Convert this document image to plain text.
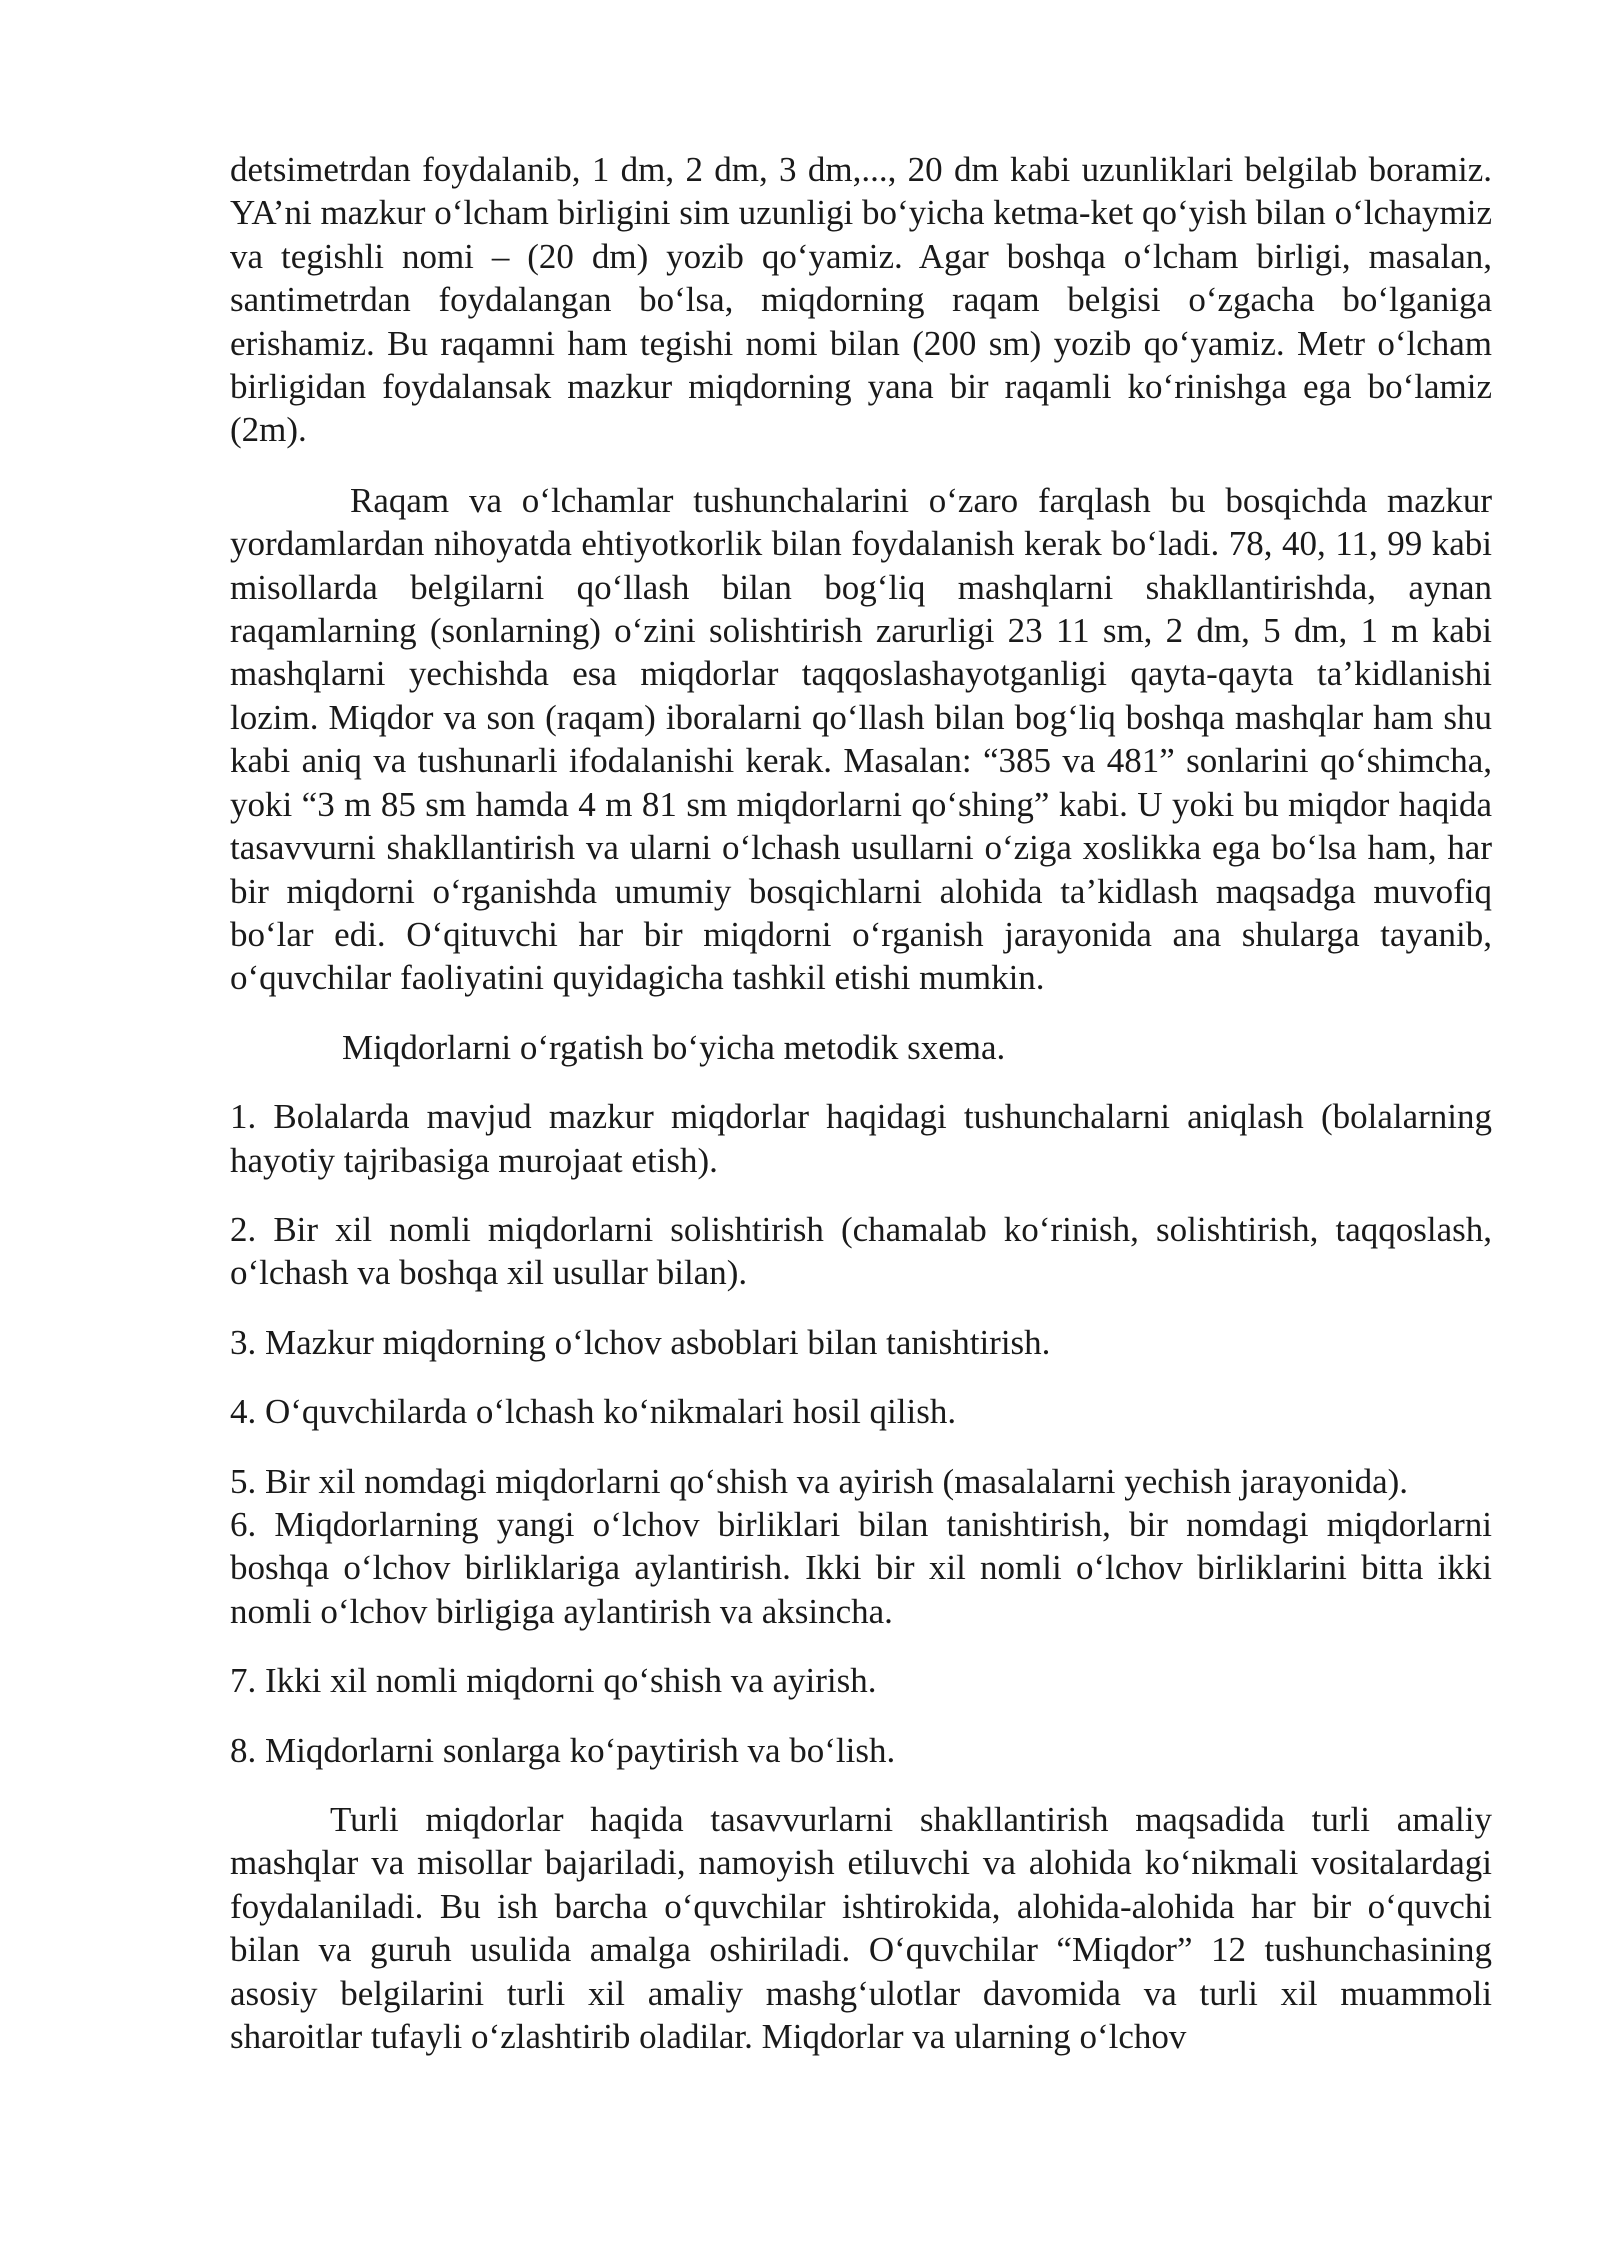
detsimetrdan foydalanib, 1 dm, 2 dm, 3 dm,..., 20 dm kabi uzunliklari belgilab boramiz. YA’ni mazkur o‘lcham birligini sim uzunligi bo‘yicha ketma-ket qo‘yish bilan o‘lchaymiz va tegishli nomi – (20 dm) yozib qo‘yamiz. Agar boshqa o‘lcham birligi, masalan, santimetrdan foydalangan bo‘lsa, miqdorning raqam belgisi o‘zgacha bo‘lganiga erishamiz. Bu raqamni ham tegishi nomi bilan (200 sm) yozib qo‘yamiz. Metr o‘lcham birligidan foydalansak mazkur miqdorning yana bir raqamli ko‘rinishga ega bo‘lamiz (2m).

Raqam va o‘lchamlar tushunchalarini o‘zaro farqlash bu bosqichda mazkur yordamlardan nihoyatda ehtiyotkorlik bilan foydalanish kerak bo‘ladi. 78, 40, 11, 99 kabi misollarda belgilarni qo‘llash bilan bog‘liq mashqlarni shakllantirishda, aynan raqamlarning (sonlarning) o‘zini solishtirish zarurligi 23 11 sm, 2 dm, 5 dm, 1 m kabi mashqlarni yechishda esa miqdorlar taqqoslashayotganligi qayta-qayta ta’kidlanishi lozim. Miqdor va son (raqam) iboralarni qo‘llash bilan bog‘liq boshqa mashqlar ham shu kabi aniq va tushunarli ifodalanishi kerak. Masalan: “385 va 481” sonlarini qo‘shimcha, yoki “3 m 85 sm hamda 4 m 81 sm miqdorlarni qo‘shing” kabi. U yoki bu miqdor haqida tasavvurni shakllantirish va ularni o‘lchash usullarni o‘ziga xoslikka ega bo‘lsa ham, har bir miqdorni o‘rganishda umumiy bosqichlarni alohida ta’kidlash maqsadga muvofiq bo‘lar edi. O‘qituvchi har bir miqdorni o‘rganish jarayonida ana shularga tayanib, o‘quvchilar faoliyatini quyidagicha tashkil etishi mumkin.

Miqdorlarni o‘rgatish bo‘yicha metodik sxema.

1. Bolalarda mavjud mazkur miqdorlar haqidagi tushunchalarni aniqlash (bolalarning hayotiy tajribasiga murojaat etish).

2. Bir xil nomli miqdorlarni solishtirish (chamalab ko‘rinish, solishtirish, taqqoslash, o‘lchash va boshqa xil usullar bilan).

3. Mazkur miqdorning o‘lchov asboblari bilan tanishtirish.

4. O‘quvchilarda o‘lchash ko‘nikmalari hosil qilish.

5. Bir xil nomdagi miqdorlarni qo‘shish va ayirish (masalalarni yechish jarayonida).

6. Miqdorlarning yangi o‘lchov birliklari bilan tanishtirish, bir nomdagi miqdorlarni boshqa o‘lchov birliklariga aylantirish. Ikki bir xil nomli o‘lchov birliklarini bitta ikki nomli o‘lchov birligiga aylantirish va aksincha.

7. Ikki xil nomli miqdorni qo‘shish va ayirish.

8. Miqdorlarni sonlarga ko‘paytirish va bo‘lish.

Turli miqdorlar haqida tasavvurlarni shakllantirish maqsadida turli amaliy mashqlar va misollar bajariladi, namoyish etiluvchi va alohida ko‘nikmali vositalardagi foydalaniladi. Bu ish barcha o‘quvchilar ishtirokida, alohida-alohida har bir o‘quvchi bilan va guruh usulida amalga oshiriladi. O‘quvchilar “Miqdor” 12 tushunchasining asosiy belgilarini turli xil amaliy mashg‘ulotlar davomida va turli xil muammoli sharoitlar tufayli o‘zlashtirib oladilar. Miqdorlar va ularning o‘lchov
